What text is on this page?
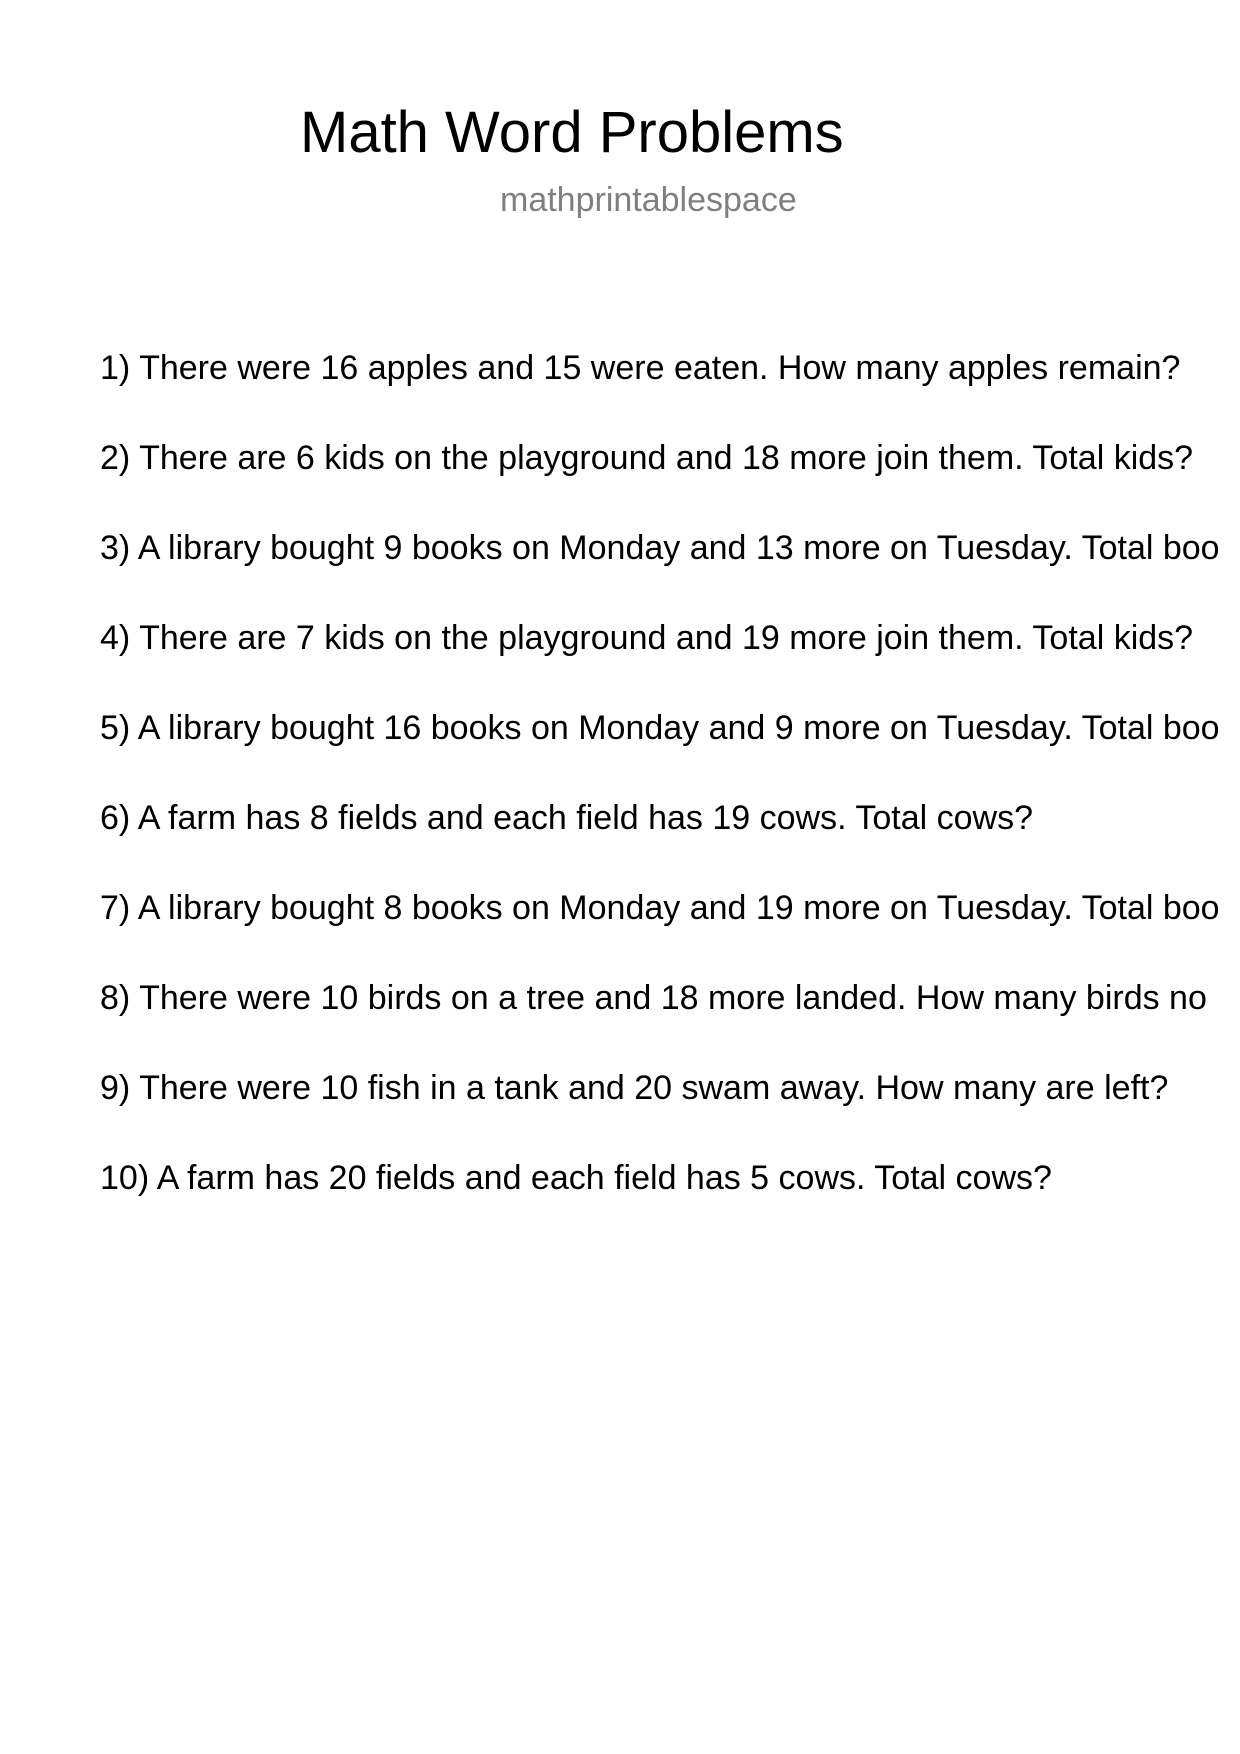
Math Word Problems
mathprintablespace
1) There were 16 apples and 15 were eaten. How many apples remain?
2) There are 6 kids on the playground and 18 more join them. Total kids?
3) A library bought 9 books on Monday and 13 more on Tuesday. Total boo
4) There are 7 kids on the playground and 19 more join them. Total kids?
5) A library bought 16 books on Monday and 9 more on Tuesday. Total boo
6) A farm has 8 fields and each field has 19 cows. Total cows?
7) A library bought 8 books on Monday and 19 more on Tuesday. Total boo
8) There were 10 birds on a tree and 18 more landed. How many birds no
9) There were 10 fish in a tank and 20 swam away. How many are left?
10) A farm has 20 fields and each field has 5 cows. Total cows?
